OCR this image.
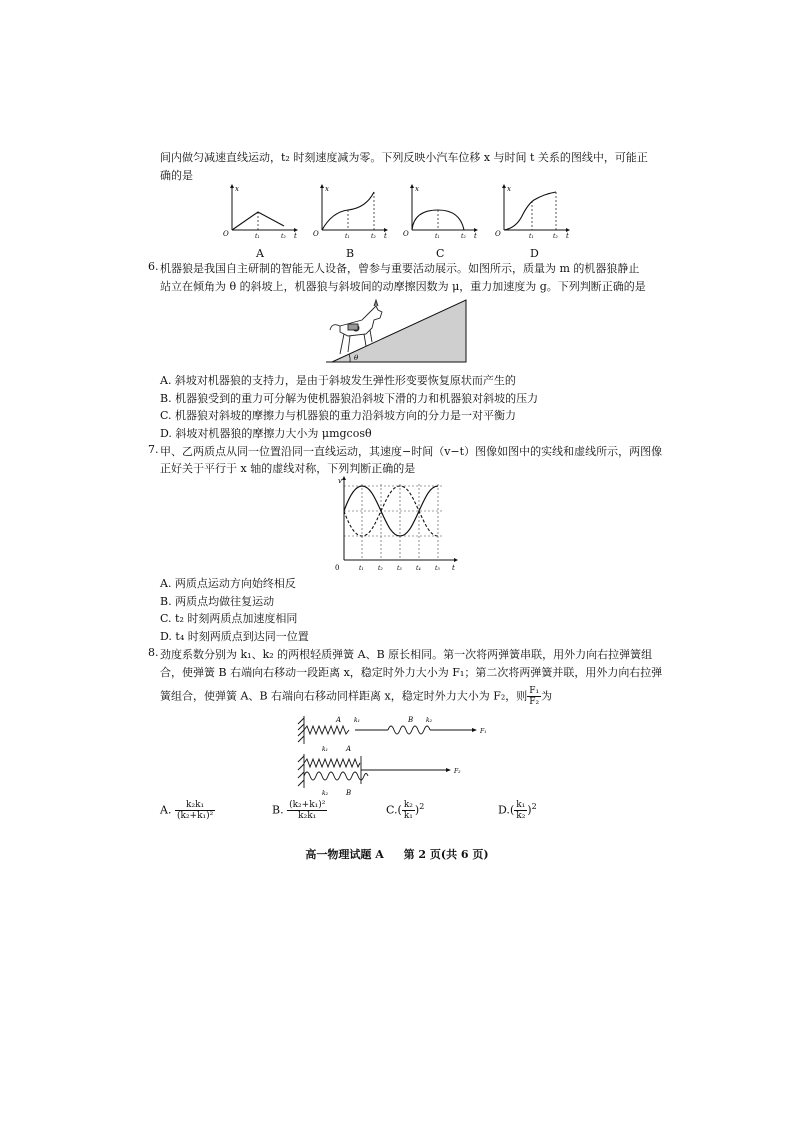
间内做匀减速直线运动，t₂ 时刻速度减为零。下列反映小汽车位移 x 与时间 t 关系的图线中，可能正
确的是
x
t
O	t₁	t₂
A
x
t
O	t₁	t₂
B
x
t
O	t₁	t₂
C
x
t
O	t₁	t₂
D
6. 机器狼是我国自主研制的智能无人设备，曾参与重要活动展示。如图所示，质量为 m 的机器狼静止
站立在倾角为 θ 的斜坡上，机器狼与斜坡间的动摩擦因数为 μ，重力加速度为 g。下列判断正确的是
θ
A. 斜坡对机器狼的支持力，是由于斜坡发生弹性形变要恢复原状而产生的
B. 机器狼受到的重力可分解为使机器狼沿斜坡下滑的力和机器狼对斜坡的压力
C. 机器狼对斜坡的摩擦力与机器狼的重力沿斜坡方向的分力是一对平衡力
D. 斜坡对机器狼的摩擦力大小为 μmgcosθ
7. 甲、乙两质点从同一位置沿同一直线运动，其速度−时间（v−t）图像如图中的实线和虚线所示，两图像
正好关于平行于 x 轴的虚线对称，下列判断正确的是
v
t
0	t₁ t₂ t₃ t₄ t₅
A. 两质点运动方向始终相反
B. 两质点均做往复运动
C. t₂ 时刻两质点加速度相同
D. t₄ 时刻两质点到达同一位置
8. 劲度系数分别为 k₁、k₂ 的两根轻质弹簧 A、B 原长相同。第一次将两弹簧串联，用外力向右拉弹簧组
合，使弹簧 B 右端向右移动一段距离 x，稳定时外力大小为 F₁；第二次将两弹簧并联，用外力向右拉弹
簧组合，使弹簧 A、B 右端向右移动同样距离 x，稳定时外力大小为 F₂，则 $\frac{\text{F₁}}{\text{F₂}}$ 为
A k₁	B k₂
F₁
k₁	A
k₂	B
F₂
A. $\frac{\text{k₂k₁}}{\text{(k₂+k₁)²}}$	B. $\frac{\text{(k₂+k₁)²}}{\text{k₂k₁}}$	$C.( \frac{\text{k₂}}{\text{k₁}} )^2$	$D.( \frac{\text{k₁}}{\text{k₂}} )^2$
高一物理试题 A 第 2 页(共 6 页)
